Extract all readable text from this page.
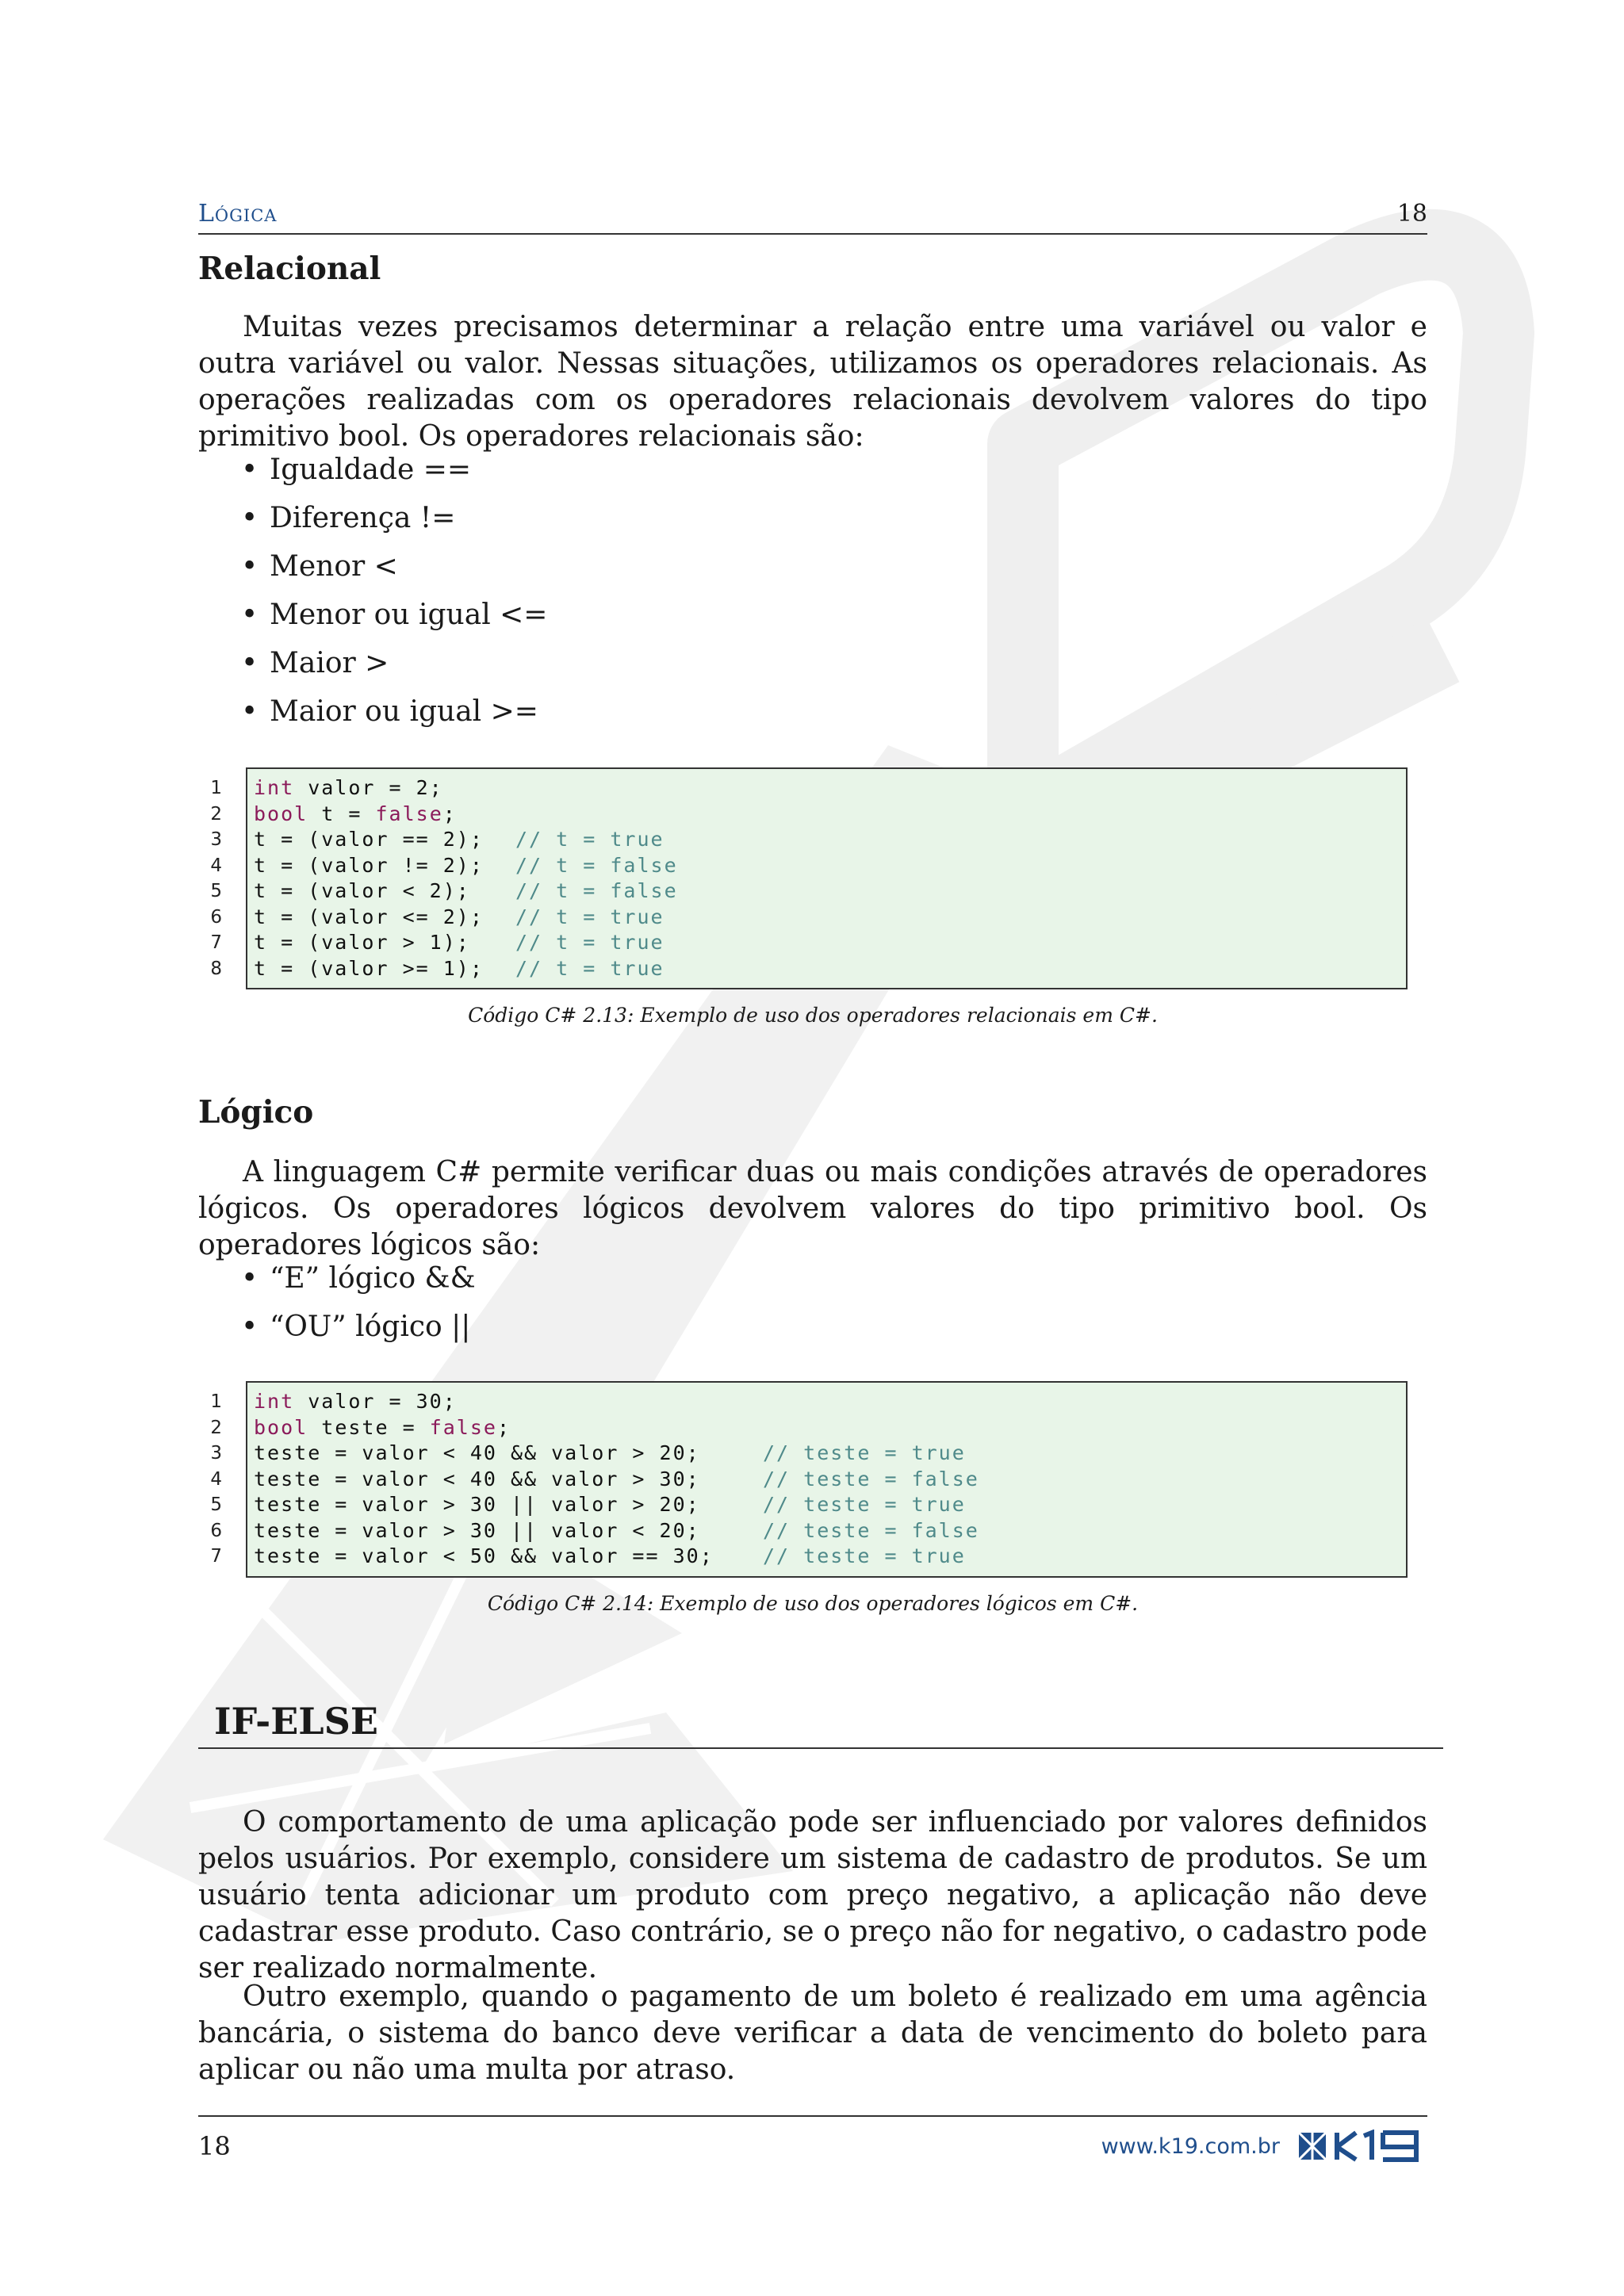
Lógica	18
Relacional
Muitas vezes precisamos determinar a relação entre uma variável ou valor e outra variável ou valor. Nessas situações, utilizamos os operadores relacionais. As operações realizadas com os operadores relacionais devolvem valores do tipo primitivo bool. Os operadores relacionais são:
• Igualdade ==
• Diferença !=
• Menor <
• Menor ou igual <=
• Maior >
• Maior ou igual >=
1
2
3
4
5
6
7
8
int valor = 2;
bool t = false;
t = (valor == 2); // t = true
t = (valor != 2); // t = false
t = (valor < 2); // t = false
t = (valor <= 2); // t = true
t = (valor > 1); // t = true
t = (valor >= 1); // t = true
Código C# 2.13: Exemplo de uso dos operadores relacionais em C#.
Lógico
A linguagem C# permite verificar duas ou mais condições através de operadores lógicos. Os operadores lógicos devolvem valores do tipo primitivo bool. Os operadores lógicos são:
• “E” lógico &&
• “OU” lógico ||
1
2
3
4
5
6
7
int valor = 30;
bool teste = false;
teste = valor < 40 && valor > 20;	// teste = true
teste = valor < 40 && valor > 30;	// teste = false
teste = valor > 30 || valor > 20;	// teste = true
teste = valor > 30 || valor < 20;	// teste = false
teste = valor < 50 && valor == 30; // teste = true
Código C# 2.14: Exemplo de uso dos operadores lógicos em C#.
IF-ELSE
O comportamento de uma aplicação pode ser influenciado por valores definidos pelos usuários. Por exemplo, considere um sistema de cadastro de produtos. Se um usuário tenta adicionar um produto com preço negativo, a aplicação não deve cadastrar esse produto. Caso contrário, se o preço não for negativo, o cadastro pode ser realizado normalmente.
Outro exemplo, quando o pagamento de um boleto é realizado em uma agência bancária, o sistema do banco deve verificar a data de vencimento do boleto para aplicar ou não uma multa por atraso.
18	www.k19.com.br
